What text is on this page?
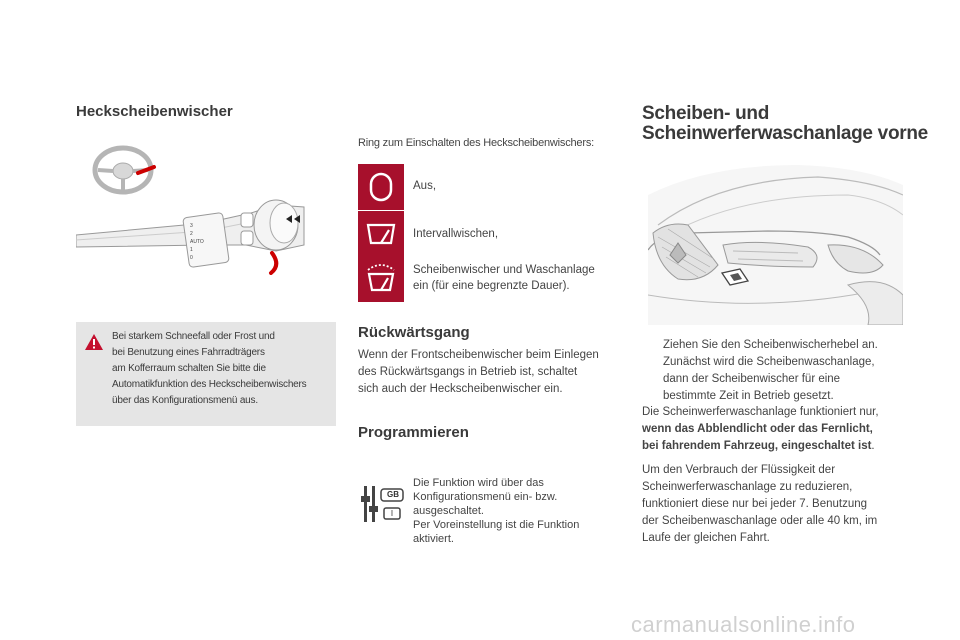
Heckscheibenwischer
3
2
AUTO
1
0
Bei starkem Schneefall oder Frost und
bei Benutzung eines Fahrradträgers
am Kofferraum schalten Sie bitte die
Automatikfunktion des Heckscheibenwischers
über das Konfigurationsmenü aus.
Ring zum Einschalten des Heckscheibenwischers:
Aus,
Intervallwischen,
Scheibenwischer und Waschanlage
ein (für eine begrenzte Dauer).
Rückwärtsgang
Wenn der Frontscheibenwischer beim Einlegen
des Rückwärtsgangs in Betrieb ist, schaltet
sich auch der Heckscheibenwischer ein.
Programmieren
GB
I
Die Funktion wird über das
Konfigurationsmenü ein- bzw.
ausgeschaltet.
Per Voreinstellung ist die Funktion
aktiviert.
Scheiben- und
Scheinwerferwaschanlage vorne
Ziehen Sie den Scheibenwischerhebel an.
Zunächst wird die Scheibenwaschanlage,
dann der Scheibenwischer für eine
bestimmte Zeit in Betrieb gesetzt.
Die Scheinwerferwaschanlage funktioniert nur,
wenn das Abblendlicht oder das Fernlicht,
bei fahrendem Fahrzeug, eingeschaltet ist.
Um den Verbrauch der Flüssigkeit der
Scheinwerferwaschanlage zu reduzieren,
funktioniert diese nur bei jeder 7. Benutzung
der Scheibenwaschanlage oder alle 40 km, im
Laufe der gleichen Fahrt.
carmanualsonline.info
